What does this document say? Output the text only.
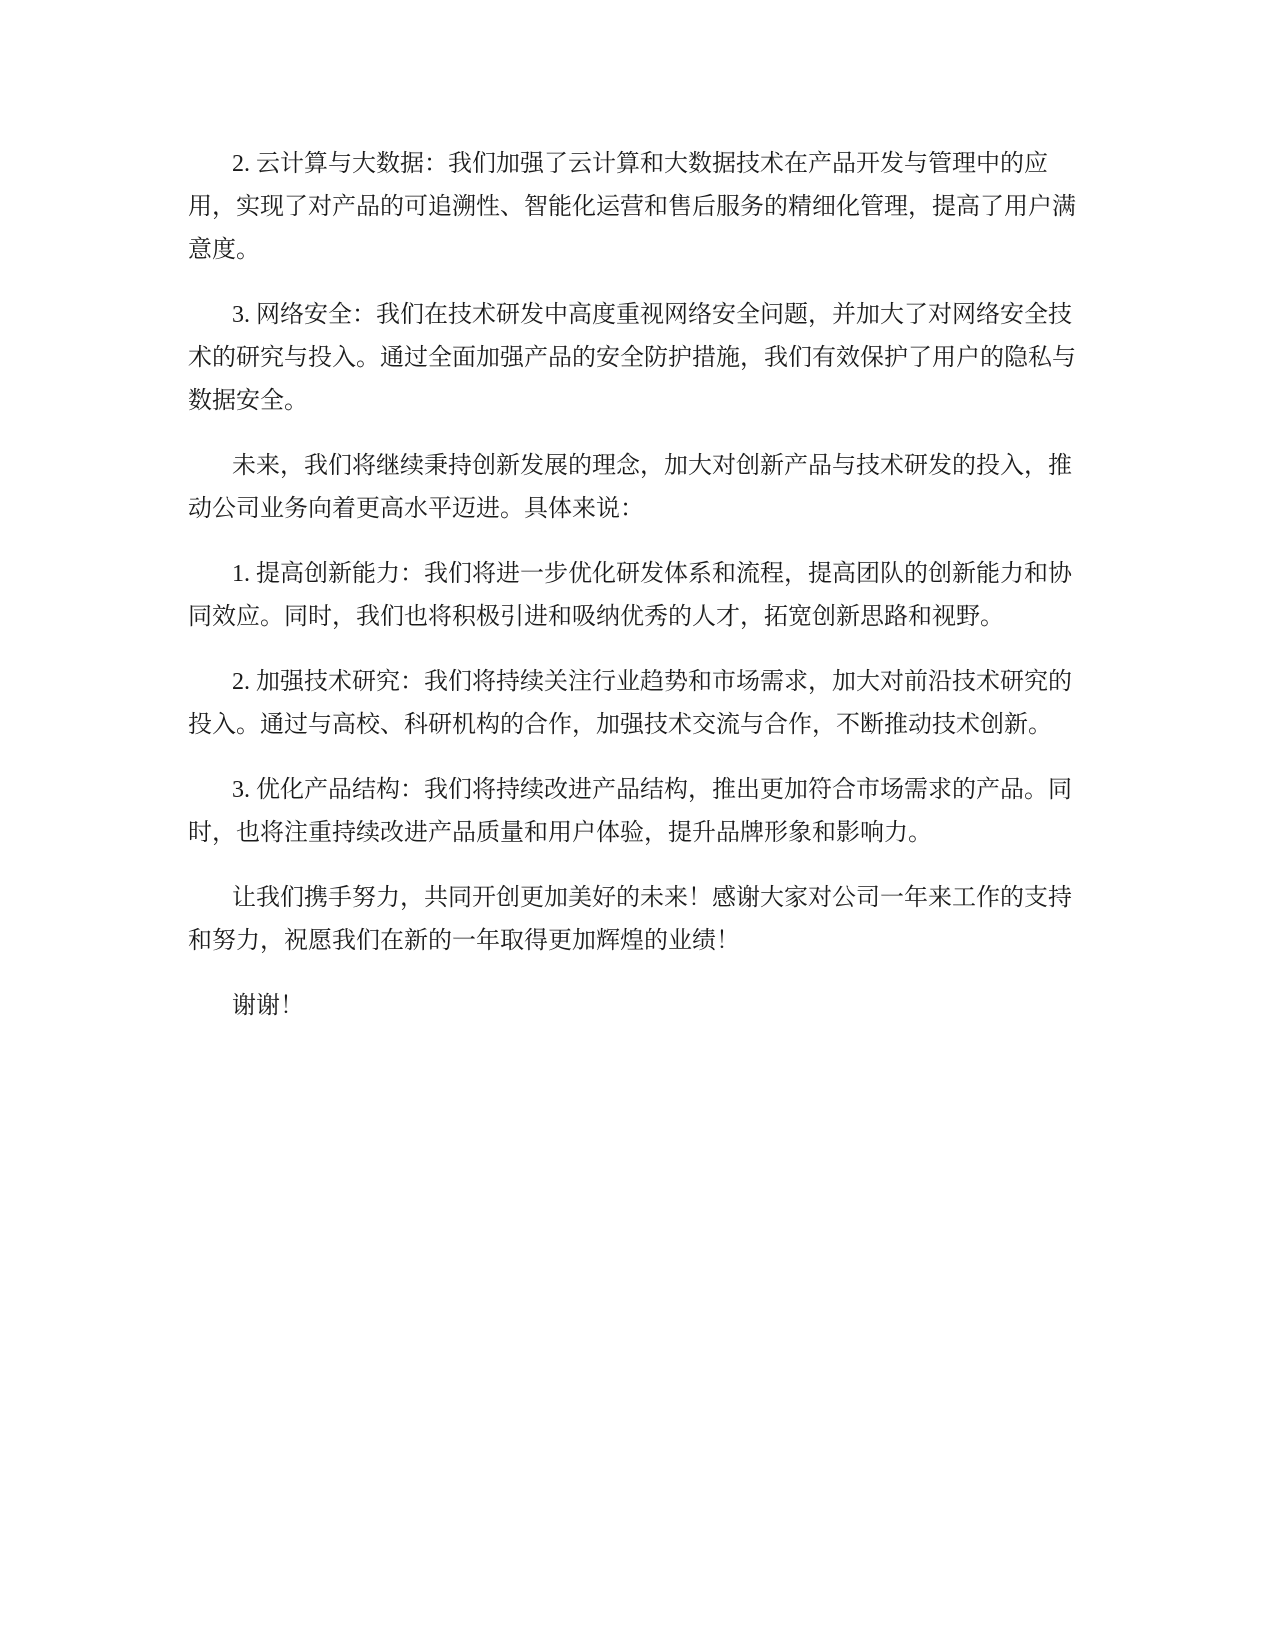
2. 云计算与大数据：我们加强了云计算和大数据技术在产品开发与管理中的应用，实现了对产品的可追溯性、智能化运营和售后服务的精细化管理，提高了用户满意度。

3. 网络安全：我们在技术研发中高度重视网络安全问题，并加大了对网络安全技术的研究与投入。通过全面加强产品的安全防护措施，我们有效保护了用户的隐私与数据安全。

未来，我们将继续秉持创新发展的理念，加大对创新产品与技术研发的投入，推动公司业务向着更高水平迈进。具体来说：

1. 提高创新能力：我们将进一步优化研发体系和流程，提高团队的创新能力和协同效应。同时，我们也将积极引进和吸纳优秀的人才，拓宽创新思路和视野。

2. 加强技术研究：我们将持续关注行业趋势和市场需求，加大对前沿技术研究的投入。通过与高校、科研机构的合作，加强技术交流与合作，不断推动技术创新。

3. 优化产品结构：我们将持续改进产品结构，推出更加符合市场需求的产品。同时，也将注重持续改进产品质量和用户体验，提升品牌形象和影响力。

让我们携手努力，共同开创更加美好的未来！感谢大家对公司一年来工作的支持和努力，祝愿我们在新的一年取得更加辉煌的业绩！

谢谢！
